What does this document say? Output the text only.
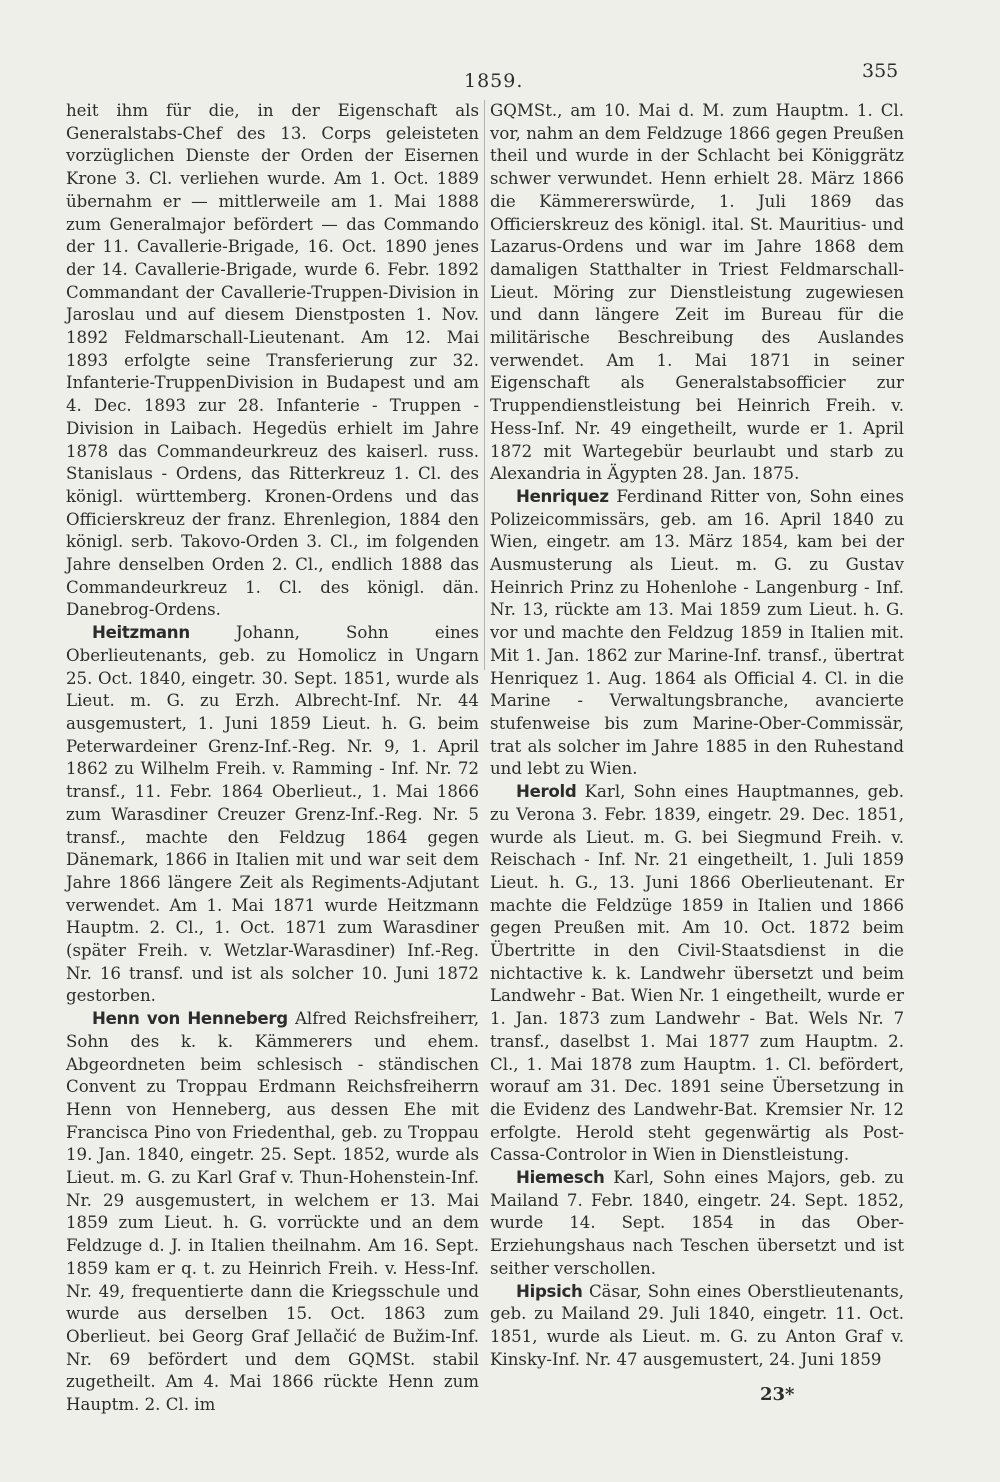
1859.	355

heit ihm für die, in der Eigenschaft als Generalstabs-Chef des 13. Corps geleisteten vorzüglichen Dienste der Orden der Eisernen Krone 3. Cl. verliehen wurde. Am 1. Oct. 1889 übernahm er — mittlerweile am 1. Mai 1888 zum Generalmajor befördert — das Commando der 11. Cavallerie-Brigade, 16. Oct. 1890 jenes der 14. Cavallerie-Brigade, wurde 6. Febr. 1892 Commandant der Cavallerie-Truppen-Division in Jaroslau und auf diesem Dienstposten 1. Nov. 1892 Feldmarschall-Lieutenant. Am 12. Mai 1893 erfolgte seine Transferierung zur 32. Infanterie-TruppenDivision in Budapest und am 4. Dec. 1893 zur 28. Infanterie - Truppen - Division in Laibach. Hegedüs erhielt im Jahre 1878 das Commandeurkreuz des kaiserl. russ. Stanislaus - Ordens, das Ritterkreuz 1. Cl. des königl. württemberg. Kronen-Ordens und das Officierskreuz der franz. Ehrenlegion, 1884 den königl. serb. Takovo-Orden 3. Cl., im folgenden Jahre denselben Orden 2. Cl., endlich 1888 das Commandeurkreuz 1. Cl. des königl. dän. Danebrog-Ordens.

Heitzmann Johann, Sohn eines Oberlieutenants, geb. zu Homolicz in Ungarn 25. Oct. 1840, eingetr. 30. Sept. 1851, wurde als Lieut. m. G. zu Erzh. Albrecht-Inf. Nr. 44 ausgemustert, 1. Juni 1859 Lieut. h. G. beim Peterwardeiner Grenz-Inf.-Reg. Nr. 9, 1. April 1862 zu Wilhelm Freih. v. Ramming - Inf. Nr. 72 transf., 11. Febr. 1864 Oberlieut., 1. Mai 1866 zum Warasdiner Creuzer Grenz-Inf.-Reg. Nr. 5 transf., machte den Feldzug 1864 gegen Dänemark, 1866 in Italien mit und war seit dem Jahre 1866 längere Zeit als Regiments-Adjutant verwendet. Am 1. Mai 1871 wurde Heitzmann Hauptm. 2. Cl., 1. Oct. 1871 zum Warasdiner (später Freih. v. Wetzlar-Warasdiner) Inf.-Reg. Nr. 16 transf. und ist als solcher 10. Juni 1872 gestorben.

Henn von Henneberg Alfred Reichsfreiherr, Sohn des k. k. Kämmerers und ehem. Abgeordneten beim schlesisch - ständischen Convent zu Troppau Erdmann Reichsfreiherrn Henn von Henneberg, aus dessen Ehe mit Francisca Pino von Friedenthal, geb. zu Troppau 19. Jan. 1840, eingetr. 25. Sept. 1852, wurde als Lieut. m. G. zu Karl Graf v. Thun-Hohenstein-Inf. Nr. 29 ausgemustert, in welchem er 13. Mai 1859 zum Lieut. h. G. vorrückte und an dem Feldzuge d. J. in Italien theilnahm. Am 16. Sept. 1859 kam er q. t. zu Heinrich Freih. v. Hess-Inf. Nr. 49, frequentierte dann die Kriegsschule und wurde aus derselben 15. Oct. 1863 zum Oberlieut. bei Georg Graf Jellačić de Bužim-Inf. Nr. 69 befördert und dem GQMSt. stabil zugetheilt. Am 4. Mai 1866 rückte Henn zum Hauptm. 2. Cl. im

GQMSt., am 10. Mai d. M. zum Hauptm. 1. Cl. vor, nahm an dem Feldzuge 1866 gegen Preußen theil und wurde in der Schlacht bei Königgrätz schwer verwundet. Henn erhielt 28. März 1866 die Kämmererswürde, 1. Juli 1869 das Officierskreuz des königl. ital. St. Mauritius- und Lazarus-Ordens und war im Jahre 1868 dem damaligen Statthalter in Triest Feldmarschall-Lieut. Möring zur Dienstleistung zugewiesen und dann längere Zeit im Bureau für die militärische Beschreibung des Auslandes verwendet. Am 1. Mai 1871 in seiner Eigenschaft als Generalstabsofficier zur Truppendienstleistung bei Heinrich Freih. v. Hess-Inf. Nr. 49 eingetheilt, wurde er 1. April 1872 mit Wartegebür beurlaubt und starb zu Alexandria in Ägypten 28. Jan. 1875.

Henriquez Ferdinand Ritter von, Sohn eines Polizeicommissärs, geb. am 16. April 1840 zu Wien, eingetr. am 13. März 1854, kam bei der Ausmusterung als Lieut. m. G. zu Gustav Heinrich Prinz zu Hohenlohe - Langenburg - Inf. Nr. 13, rückte am 13. Mai 1859 zum Lieut. h. G. vor und machte den Feldzug 1859 in Italien mit. Mit 1. Jan. 1862 zur Marine-Inf. transf., übertrat Henriquez 1. Aug. 1864 als Official 4. Cl. in die Marine - Verwaltungsbranche, avancierte stufenweise bis zum Marine-Ober-Commissär, trat als solcher im Jahre 1885 in den Ruhestand und lebt zu Wien.

Herold Karl, Sohn eines Hauptmannes, geb. zu Verona 3. Febr. 1839, eingetr. 29. Dec. 1851, wurde als Lieut. m. G. bei Siegmund Freih. v. Reischach - Inf. Nr. 21 eingetheilt, 1. Juli 1859 Lieut. h. G., 13. Juni 1866 Oberlieutenant. Er machte die Feldzüge 1859 in Italien und 1866 gegen Preußen mit. Am 10. Oct. 1872 beim Übertritte in den Civil-Staatsdienst in die nichtactive k. k. Landwehr übersetzt und beim Landwehr - Bat. Wien Nr. 1 eingetheilt, wurde er 1. Jan. 1873 zum Landwehr - Bat. Wels Nr. 7 transf., daselbst 1. Mai 1877 zum Hauptm. 2. Cl., 1. Mai 1878 zum Hauptm. 1. Cl. befördert, worauf am 31. Dec. 1891 seine Übersetzung in die Evidenz des Landwehr-Bat. Kremsier Nr. 12 erfolgte. Herold steht gegenwärtig als Post-Cassa-Controlor in Wien in Dienstleistung.

Hiemesch Karl, Sohn eines Majors, geb. zu Mailand 7. Febr. 1840, eingetr. 24. Sept. 1852, wurde 14. Sept. 1854 in das Ober-Erziehungshaus nach Teschen übersetzt und ist seither verschollen.

Hipsich Cäsar, Sohn eines Oberstlieutenants, geb. zu Mailand 29. Juli 1840, eingetr. 11. Oct. 1851, wurde als Lieut. m. G. zu Anton Graf v. Kinsky-Inf. Nr. 47 ausgemustert, 24. Juni 1859

23*
